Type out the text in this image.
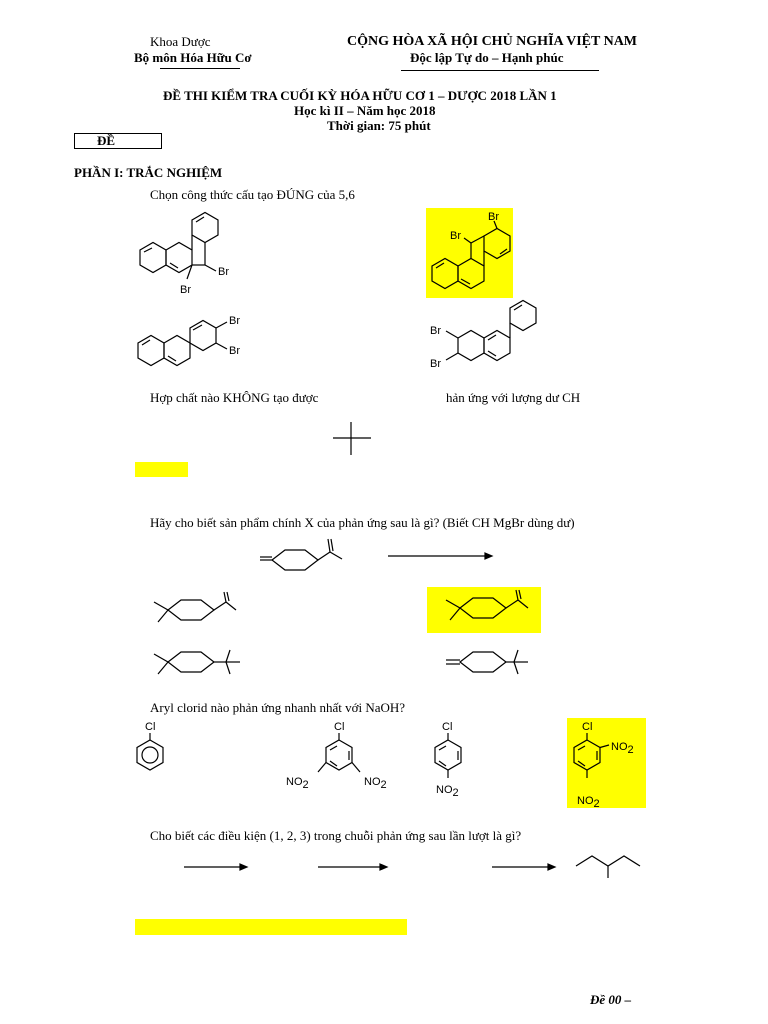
Khoa Dược
Bộ môn Hóa Hữu Cơ
CỘNG HÒA XÃ HỘI CHỦ NGHĨA VIỆT NAM
Độc lập Tự do – Hạnh phúc
ĐỀ THI KIỂM TRA CUỐI KỲ HÓA HỮU CƠ 1 – DƯỢC 2018 LẦN 1
Học kì II – Năm học 2018
Thời gian: 75 phút
ĐỀ
PHẦN I: TRẮC NGHIỆM
Chọn công thức cấu tạo ĐÚNG của 5,6
Br
Br
Br
Br
Br
Br
Br
Br
Hợp chất nào KHÔNG tạo được	hản ứng với lượng dư CH
Hãy cho biết sản phẩm chính X của phản ứng sau là gì? (Biết CH MgBr dùng dư)
Aryl clorid nào phản ứng nhanh nhất với NaOH?
Cl	Cl
NO2	NO2
Cl
NO2
Cl
NO2
NO2
Cho biết các điều kiện (1, 2, 3) trong chuỗi phản ứng sau lần lượt là gì?
Đề 00 –
